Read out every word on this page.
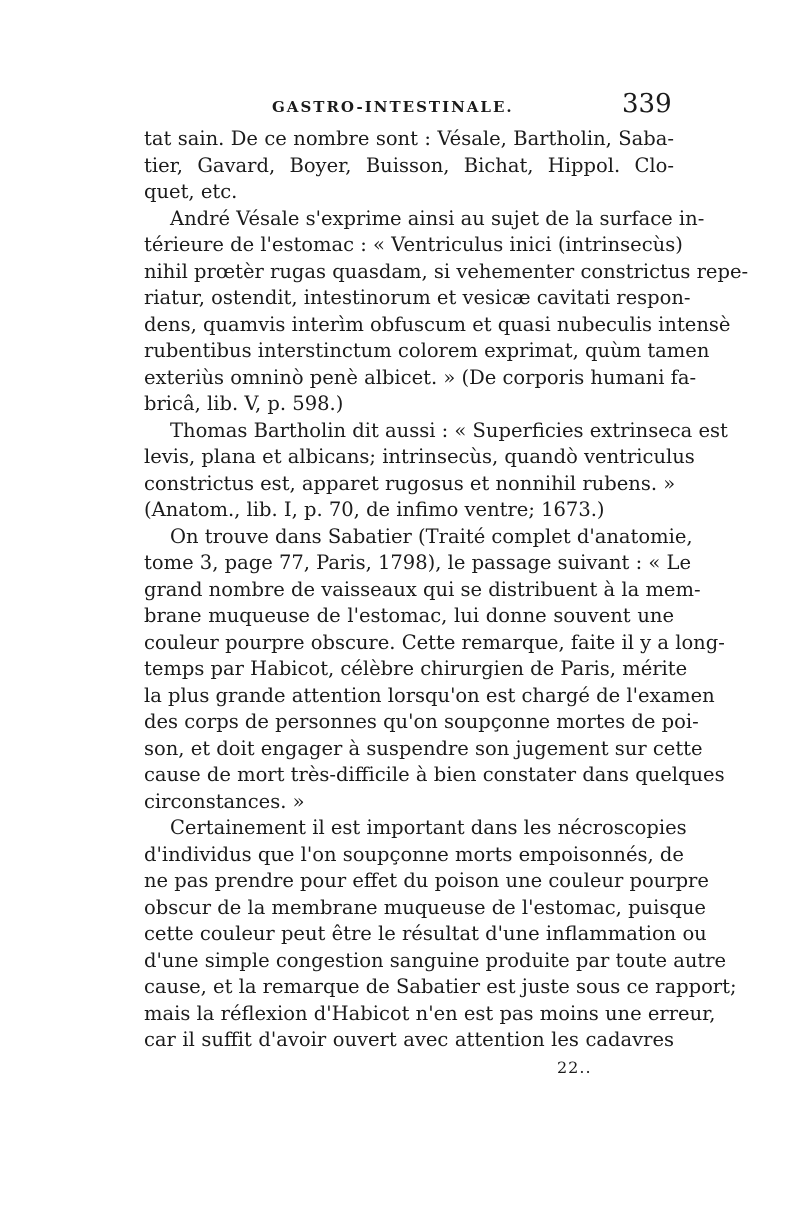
GASTRO-INTESTINALE.	339
tat sain. De ce nombre sont : Vésale, Bartholin, Saba-
tier, Gavard, Boyer, Buisson, Bichat, Hippol. Clo-
quet, etc.
André Vésale s'exprime ainsi au sujet de la surface in-
térieure de l'estomac : « Ventriculus inici (intrinsecùs)
nihil prœtèr rugas quasdam, si vehementer constrictus repe-
riatur, ostendit, intestinorum et vesicæ cavitati respon-
dens, quamvis interìm obfuscum et quasi nubeculis intensè
rubentibus interstinctum colorem exprimat, quùm tamen
exteriùs omninò penè albicet. » (De corporis humani fa-
bricâ, lib. V, p. 598.)
Thomas Bartholin dit aussi : « Superficies extrinseca est
levis, plana et albicans; intrinsecùs, quandò ventriculus
constrictus est, apparet rugosus et nonnihil rubens. »
(Anatom., lib. I, p. 70, de infimo ventre; 1673.)
On trouve dans Sabatier (Traité complet d'anatomie,
tome 3, page 77, Paris, 1798), le passage suivant : « Le
grand nombre de vaisseaux qui se distribuent à la mem-
brane muqueuse de l'estomac, lui donne souvent une
couleur pourpre obscure. Cette remarque, faite il y a long-
temps par Habicot, célèbre chirurgien de Paris, mérite
la plus grande attention lorsqu'on est chargé de l'examen
des corps de personnes qu'on soupçonne mortes de poi-
son, et doit engager à suspendre son jugement sur cette
cause de mort très-difficile à bien constater dans quelques
circonstances. »
Certainement il est important dans les nécroscopies
d'individus que l'on soupçonne morts empoisonnés, de
ne pas prendre pour effet du poison une couleur pourpre
obscur de la membrane muqueuse de l'estomac, puisque
cette couleur peut être le résultat d'une inflammation ou
d'une simple congestion sanguine produite par toute autre
cause, et la remarque de Sabatier est juste sous ce rapport;
mais la réflexion d'Habicot n'en est pas moins une erreur,
car il suffit d'avoir ouvert avec attention les cadavres
22..
